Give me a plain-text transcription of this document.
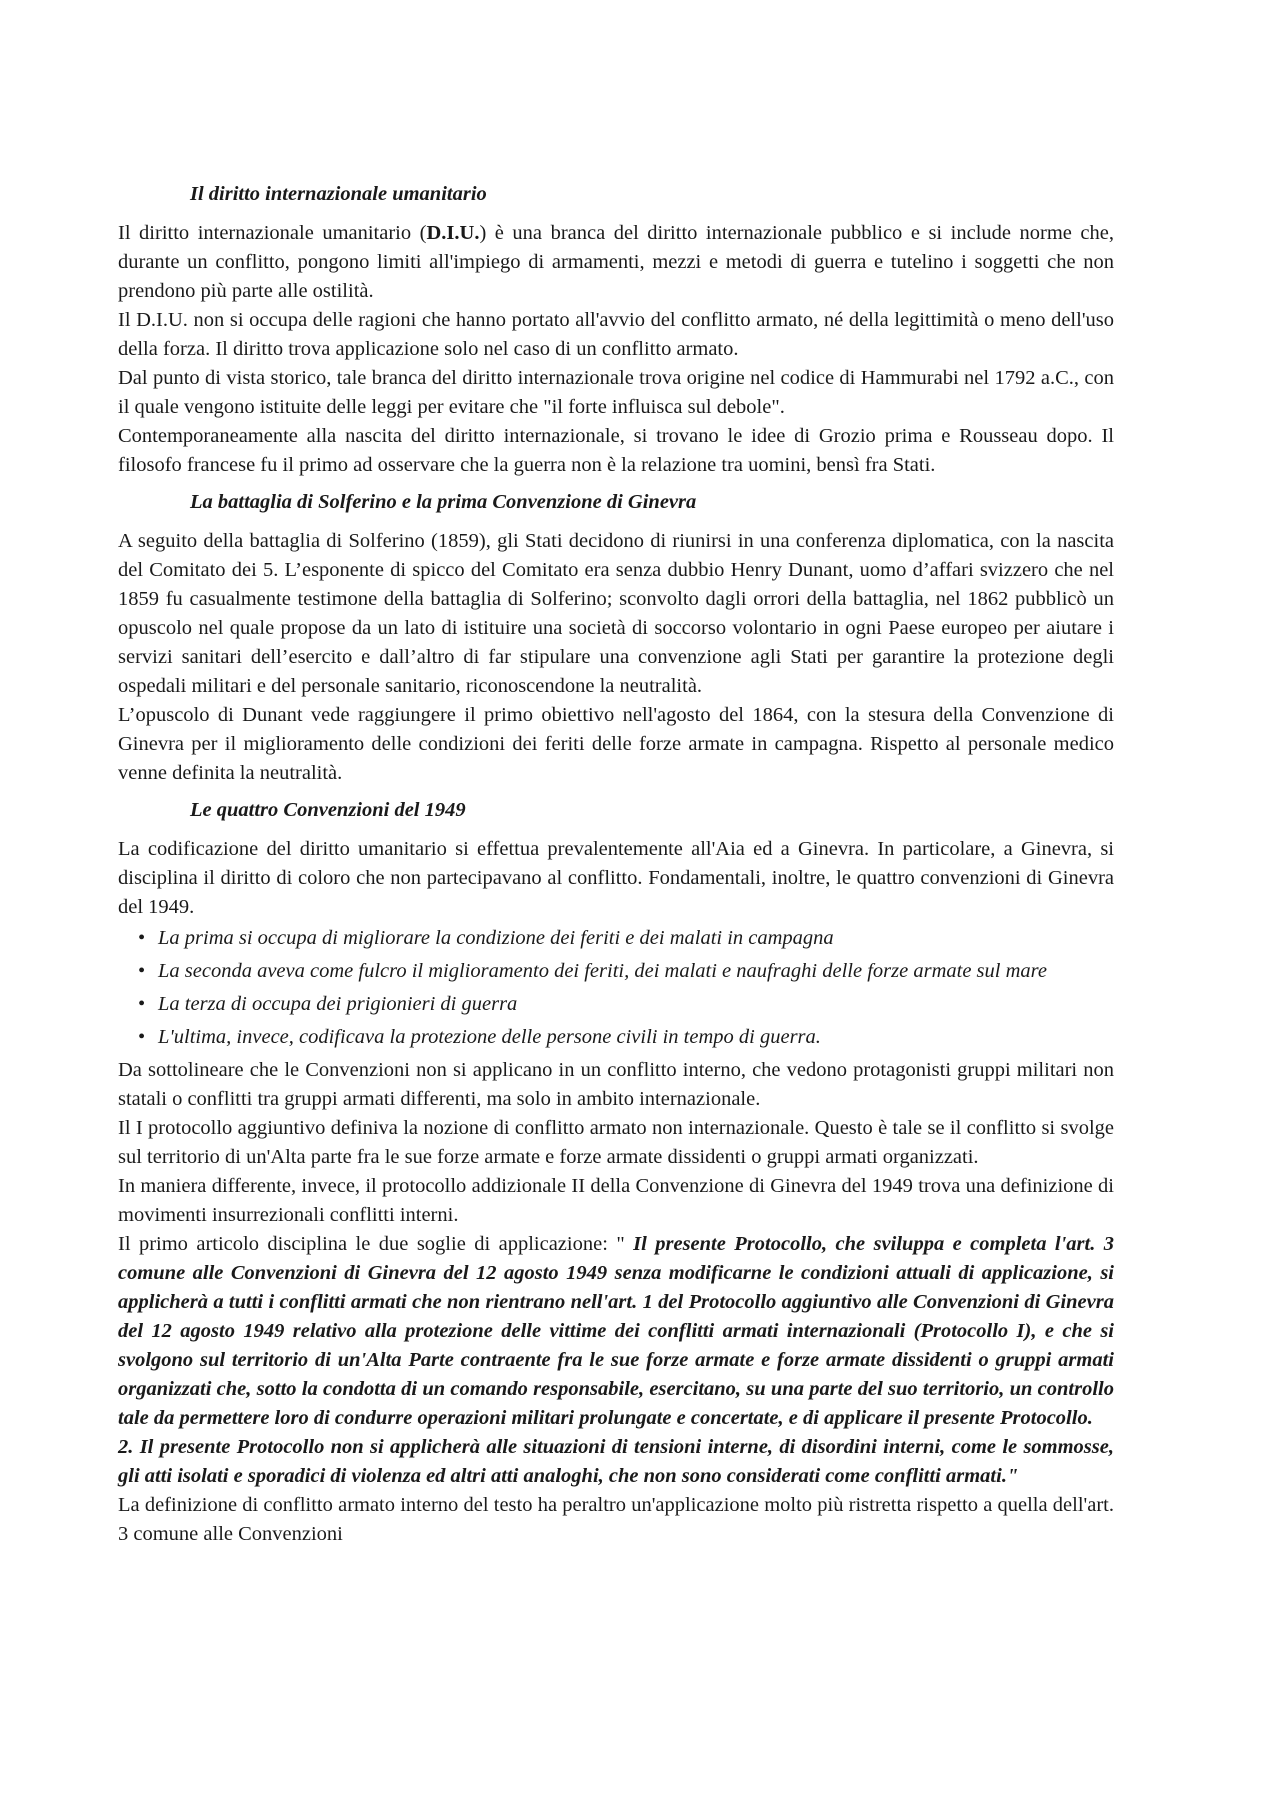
Il diritto internazionale umanitario

Il diritto internazionale umanitario (D.I.U.) è una branca del diritto internazionale pubblico e si include norme che, durante un conflitto, pongono limiti all'impiego di armamenti, mezzi e metodi di guerra e tutelino i soggetti che non prendono più parte alle ostilità.

Il D.I.U. non si occupa delle ragioni che hanno portato all'avvio del conflitto armato, né della legittimità o meno dell'uso della forza. Il diritto trova applicazione solo nel caso di un conflitto armato.

Dal punto di vista storico, tale branca del diritto internazionale trova origine nel codice di Hammurabi nel 1792 a.C., con il quale vengono istituite delle leggi per evitare che "il forte influisca sul debole".

Contemporaneamente alla nascita del diritto internazionale, si trovano le idee di Grozio prima e Rousseau dopo. Il filosofo francese fu il primo ad osservare che la guerra non è la relazione tra uomini, bensì fra Stati.

La battaglia di Solferino e la prima Convenzione di Ginevra

A seguito della battaglia di Solferino (1859), gli Stati decidono di riunirsi in una conferenza diplomatica, con la nascita del Comitato dei 5. L’esponente di spicco del Comitato era senza dubbio Henry Dunant, uomo d’affari svizzero che nel 1859 fu casualmente testimone della battaglia di Solferino; sconvolto dagli orrori della battaglia, nel 1862 pubblicò un opuscolo nel quale propose da un lato di istituire una società di soccorso volontario in ogni Paese europeo per aiutare i servizi sanitari dell’esercito e dall’altro di far stipulare una convenzione agli Stati per garantire la protezione degli ospedali militari e del personale sanitario, riconoscendone la neutralità.

L’opuscolo di Dunant vede raggiungere il primo obiettivo nell'agosto del 1864, con la stesura della Convenzione di Ginevra per il miglioramento delle condizioni dei feriti delle forze armate in campagna. Rispetto al personale medico venne definita la neutralità.

Le quattro Convenzioni del 1949

La codificazione del diritto umanitario si effettua prevalentemente all'Aia ed a Ginevra. In particolare, a Ginevra, si disciplina il diritto di coloro che non partecipavano al conflitto. Fondamentali, inoltre, le quattro convenzioni di Ginevra del 1949.

• La prima si occupa di migliorare la condizione dei feriti e dei malati in campagna
• La seconda aveva come fulcro il miglioramento dei feriti, dei malati e naufraghi delle forze armate sul mare
• La terza di occupa dei prigionieri di guerra
• L'ultima, invece, codificava la protezione delle persone civili in tempo di guerra.

Da sottolineare che le Convenzioni non si applicano in un conflitto interno, che vedono protagonisti gruppi militari non statali o conflitti tra gruppi armati differenti, ma solo in ambito internazionale.

Il I protocollo aggiuntivo definiva la nozione di conflitto armato non internazionale. Questo è tale se il conflitto si svolge sul territorio di un'Alta parte fra le sue forze armate e forze armate dissidenti o gruppi armati organizzati.

In maniera differente, invece, il protocollo addizionale II della Convenzione di Ginevra del 1949 trova una definizione di movimenti insurrezionali conflitti interni.

Il primo articolo disciplina le due soglie di applicazione: " Il presente Protocollo, che sviluppa e completa l'art. 3 comune alle Convenzioni di Ginevra del 12 agosto 1949 senza modificarne le condizioni attuali di applicazione, si applicherà a tutti i conflitti armati che non rientrano nell'art. 1 del Protocollo aggiuntivo alle Convenzioni di Ginevra del 12 agosto 1949 relativo alla protezione delle vittime dei conflitti armati internazionali (Protocollo I), e che si svolgono sul territorio di un'Alta Parte contraente fra le sue forze armate e forze armate dissidenti o gruppi armati organizzati che, sotto la condotta di un comando responsabile, esercitano, su una parte del suo territorio, un controllo tale da permettere loro di condurre operazioni militari prolungate e concertate, e di applicare il presente Protocollo.

2. Il presente Protocollo non si applicherà alle situazioni di tensioni interne, di disordini interni, come le sommosse, gli atti isolati e sporadici di violenza ed altri atti analoghi, che non sono considerati come conflitti armati."

La definizione di conflitto armato interno del testo ha peraltro un'applicazione molto più ristretta rispetto a quella dell'art. 3 comune alle Convenzioni
